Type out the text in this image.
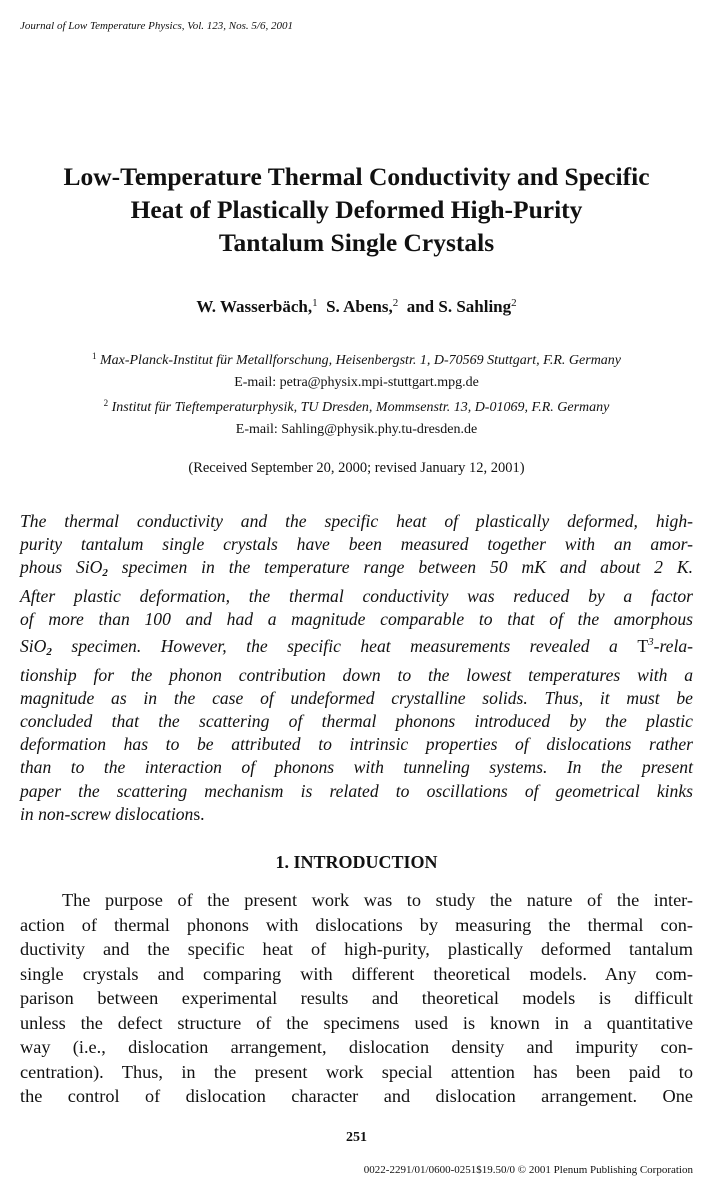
Journal of Low Temperature Physics, Vol. 123, Nos. 5/6, 2001
Low-Temperature Thermal Conductivity and Specific
Heat of Plastically Deformed High-Purity
Tantalum Single Crystals
W. Wasserbäch,$^1$ S. Abens,$^2$ and S. Sahling$^2$
$^1$ Max-Planck-Institut für Metallforschung, Heisenbergstr. 1, D-70569 Stuttgart, F.R. Germany
E-mail: petra@physix.mpi-stuttgart.mpg.de
$^2$ Institut für Tieftemperaturphysik, TU Dresden, Mommsenstr. 13, D-01069, F.R. Germany
E-mail: Sahling@physik.phy.tu-dresden.de
(Received September 20, 2000; revised January 12, 2001)
The thermal conductivity and the specific heat of plastically deformed, high-
purity tantalum single crystals have been measured together with an amor-
phous SiO$_2$ specimen in the temperature range between 50 mK and about 2 K.
After plastic deformation, the thermal conductivity was reduced by a factor
of more than 100 and had a magnitude comparable to that of the amorphous
SiO$_2$ specimen. However, the specific heat measurements revealed a $T^3-rela-$
tionship for the phonon contribution down to the lowest temperatures with a
magnitude as in the case of undeformed crystalline solids. Thus, it must be
concluded that the scattering of thermal phonons introduced by the plastic
deformation has to be attributed to intrinsic properties of dislocations rather
than to the interaction of phonons with tunneling systems. In the present
paper the scattering mechanism is related to oscillations of geometrical kinks
in non-screw dislocations.
1. INTRODUCTION
The purpose of the present work was to study the nature of the inter-
action of thermal phonons with dislocations by measuring the thermal con-
ductivity and the specific heat of high-purity, plastically deformed tantalum
single crystals and comparing with different theoretical models. Any com-
parison between experimental results and theoretical models is difficult
unless the defect structure of the specimens used is known in a quantitative
way (i.e., dislocation arrangement, dislocation density and impurity con-
centration). Thus, in the present work special attention has been paid to
the control of dislocation character and dislocation arrangement. One
251
0022-2291/01/0600-0251$19.50/0 © 2001 Plenum Publishing Corporation
